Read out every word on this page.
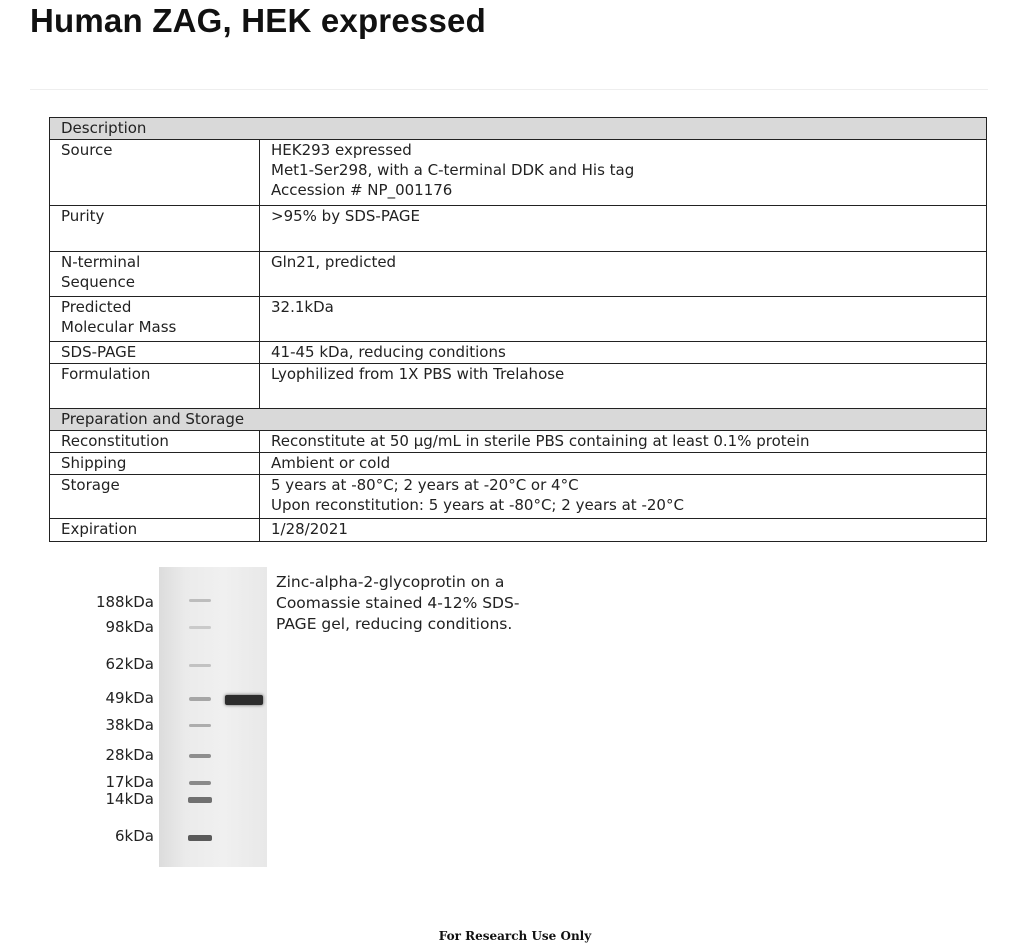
Human ZAG, HEK expressed
Description	
Source	HEK293 expressed
Met1-Ser298, with a C-terminal DDK and His tag
Accession # NP_001176

Purity	>95% by SDS-PAGE

N-terminal
Sequence	Gln21, predicted

Predicted
Molecular Mass	32.1kDa
SDS-PAGE	41-45 kDa, reducing conditions
Formulation	Lyophilized from 1X PBS with Trelahose
Preparation and Storage	
Reconstitution	Reconstitute at 50 µg/mL in sterile PBS containing at least 0.1% protein
Shipping	Ambient or cold
Storage	5 years at -80°C; 2 years at -20°C or 4°C
Upon reconstitution: 5 years at -80°C; 2 years at -20°C

Expiration	1/28/2021
188kDa
98kDa
62kDa
49kDa
38kDa
28kDa
17kDa
14kDa
6kDa
Zinc-alpha-2-glycoprotin on a
Coomassie stained 4-12% SDS-
PAGE gel, reducing conditions.
For Research Use Only
